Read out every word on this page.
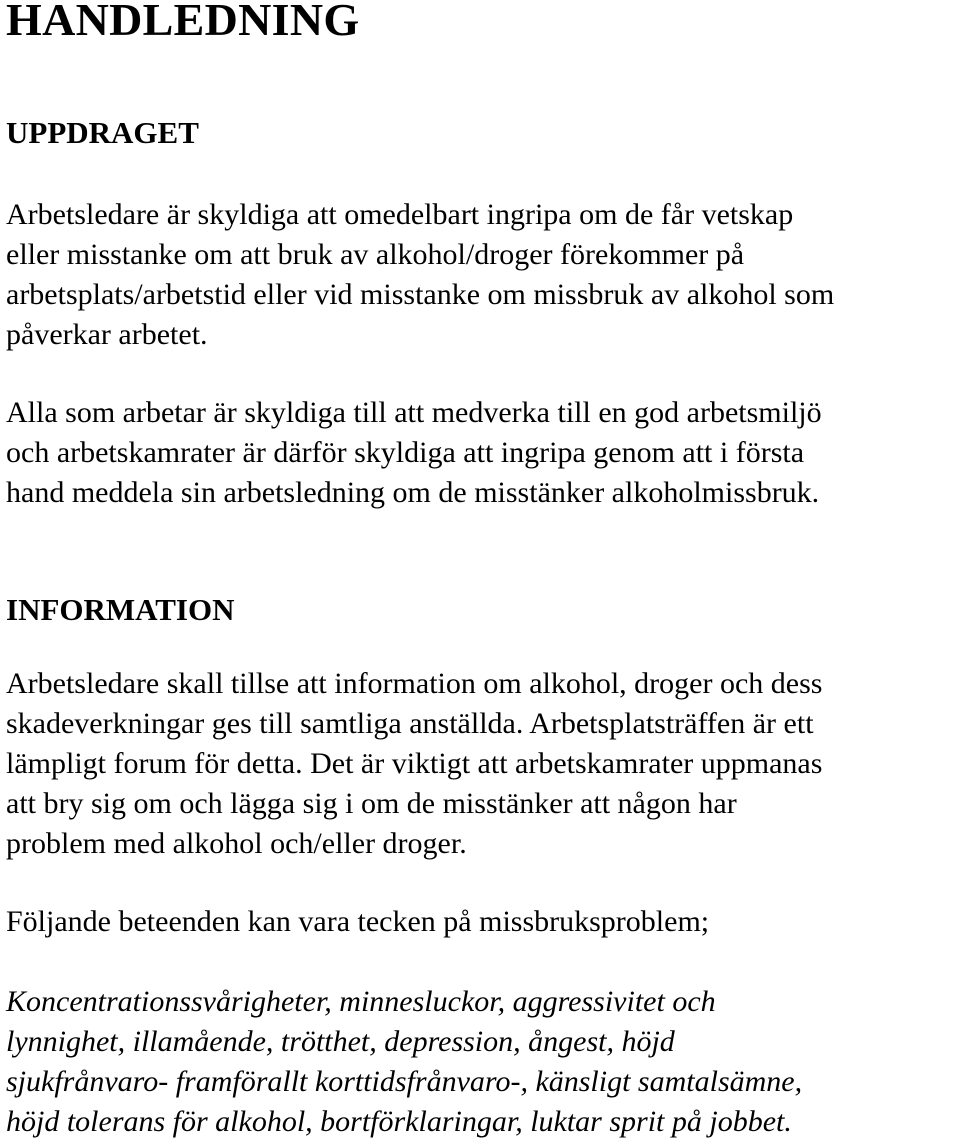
HANDLEDNING
UPPDRAGET

Arbetsledare är skyldiga att omedelbart ingripa om de får vetskap
eller misstanke om att bruk av alkohol/droger förekommer på
arbetsplats/arbetstid eller vid misstanke om missbruk av alkohol som
påverkar arbetet.

Alla som arbetar är skyldiga till att medverka till en god arbetsmiljö
och arbetskamrater är därför skyldiga att ingripa genom att i första
hand meddela sin arbetsledning om de misstänker alkoholmissbruk.

INFORMATION

Arbetsledare skall tillse att information om alkohol, droger och dess
skadeverkningar ges till samtliga anställda. Arbetsplatsträffen är ett
lämpligt forum för detta. Det är viktigt att arbetskamrater uppmanas
att bry sig om och lägga sig i om de misstänker att någon har
problem med alkohol och/eller droger.

Följande beteenden kan vara tecken på missbruksproblem;

Koncentrationssvårigheter, minnesluckor, aggressivitet och
lynnighet, illamående, trötthet, depression, ångest, höjd
sjukfrånvaro- framförallt korttidsfrånvaro-, känsligt samtalsämne,
höjd tolerans för alkohol, bortförklaringar, luktar sprit på jobbet.
